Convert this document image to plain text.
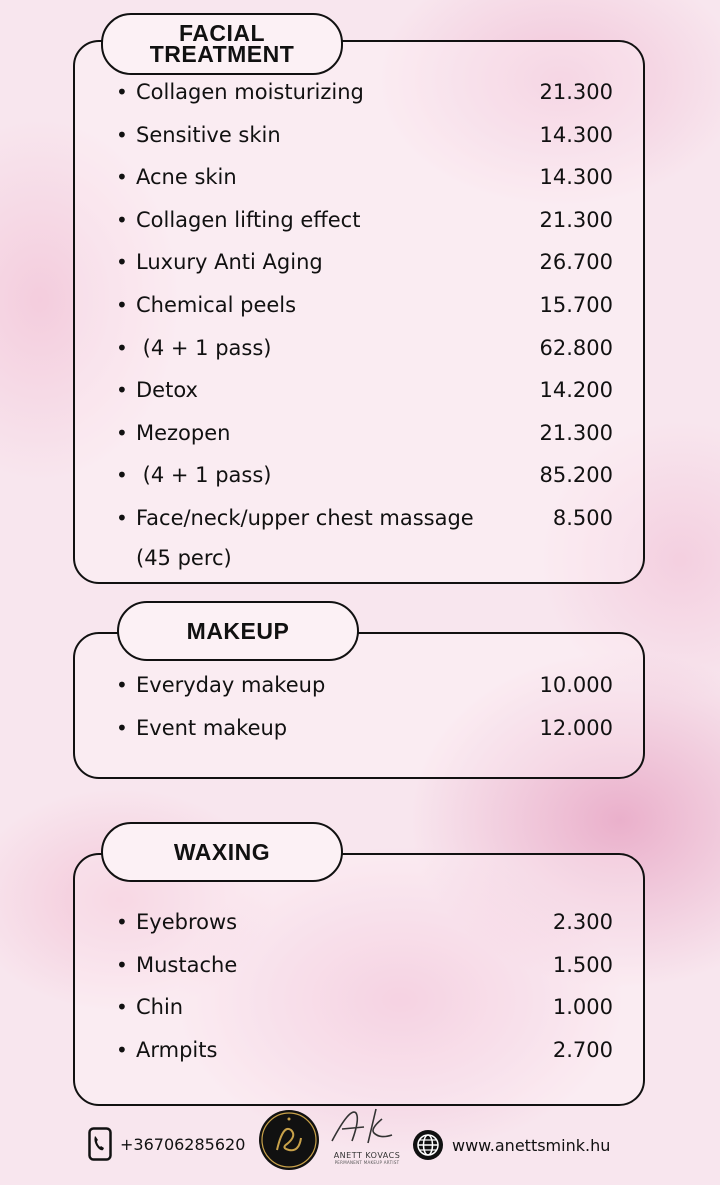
FACIAL
TREATMENT
• Collagen moisturizing	21.300
• Sensitive skin	14.300
• Acne skin	14.300
• Collagen lifting effect	21.300
• Luxury Anti Aging	26.700
• Chemical peels	15.700
• (4 + 1 pass)	62.800
• Detox	14.200
• Mezopen	21.300
• (4 + 1 pass)	85.200
• Face/neck/upper chest massage	8.500
(45 perc)
MAKEUP
• Everyday makeup	10.000
• Event makeup	12.000
WAXING
• Eyebrows	2.300
• Mustache	1.500
• Chin	1.000
• Armpits	2.700
+36706285620
ANETT KOVACS
PERMANENT MAKEUP ARTIST
www.anettsmink.hu
